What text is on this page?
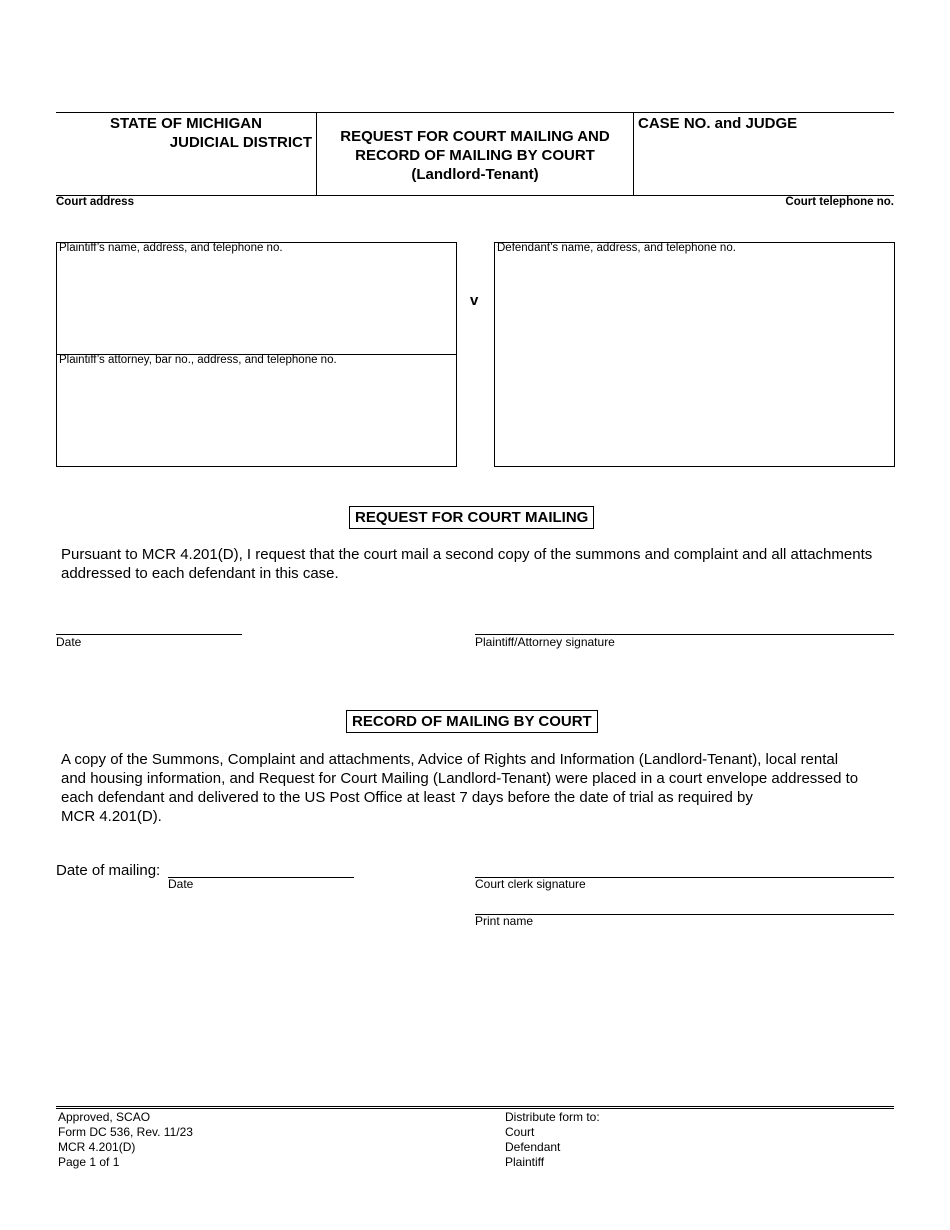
STATE OF MICHIGAN
JUDICIAL DISTRICT	REQUEST FOR COURT MAILING AND
RECORD OF MAILING BY COURT
(Landlord-Tenant)
CASE NO. and JUDGE
Court address	Court telephone no.
Plaintiff’s name, address, and telephone no.
Plaintiff’s attorney, bar no., address, and telephone no.
v
Defendant’s name, address, and telephone no.
REQUEST FOR COURT MAILING
Pursuant to MCR 4.201(D), I request that the court mail a second copy of the summons and complaint and all attachments
addressed to each defendant in this case.
Date	Plaintiff/Attorney signature
RECORD OF MAILING BY COURT
A copy of the Summons, Complaint and attachments, Advice of Rights and Information (Landlord-Tenant), local rental
and housing information, and Request for Court Mailing (Landlord-Tenant) were placed in a court envelope addressed to
each defendant and delivered to the US Post Office at least 7 days before the date of trial as required by
MCR 4.201(D).
Date of mailing:
Date	Court clerk signature
Print name
Approved, SCAO
Form DC 536, Rev. 11/23
MCR 4.201(D)
Page 1 of 1
Distribute form to:
Court
Defendant
Plaintiff
